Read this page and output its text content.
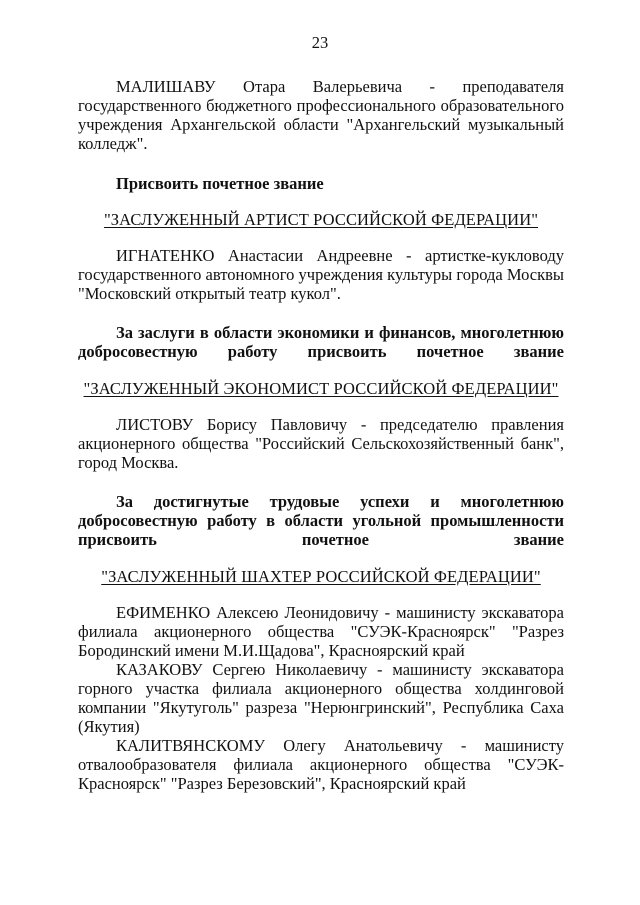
23

МАЛИШАВУ Отара Валерьевича - преподавателя государственного бюджетного профессионального образовательного учреждения Архангельской области "Архангельский музыкальный колледж".

Присвоить почетное звание

"ЗАСЛУЖЕННЫЙ АРТИСТ РОССИЙСКОЙ ФЕДЕРАЦИИ"

ИГНАТЕНКО Анастасии Андреевне - артистке-кукловоду государственного автономного учреждения культуры города Москвы "Московский открытый театр кукол".

За заслуги в области экономики и финансов, многолетнюю добросовестную работу присвоить почетное звание

"ЗАСЛУЖЕННЫЙ ЭКОНОМИСТ РОССИЙСКОЙ ФЕДЕРАЦИИ"

ЛИСТОВУ Борису Павловичу - председателю правления акционерного общества "Российский Сельскохозяйственный банк", город Москва.

За достигнутые трудовые успехи и многолетнюю добросовестную работу в области угольной промышленности присвоить почетное звание

"ЗАСЛУЖЕННЫЙ ШАХТЕР РОССИЙСКОЙ ФЕДЕРАЦИИ"

ЕФИМЕНКО Алексею Леонидовичу - машинисту экскаватора филиала акционерного общества "СУЭК-Красноярск" "Разрез Бородинский имени М.И.Щадова", Красноярский край

КАЗАКОВУ Сергею Николаевичу - машинисту экскаватора горного участка филиала акционерного общества холдинговой компании "Якутуголь" разреза "Нерюнгринский", Республика Саха (Якутия)

КАЛИТВЯНСКОМУ Олегу Анатольевичу - машинисту отвалообразователя филиала акционерного общества "СУЭК-Красноярск" "Разрез Березовский", Красноярский край
